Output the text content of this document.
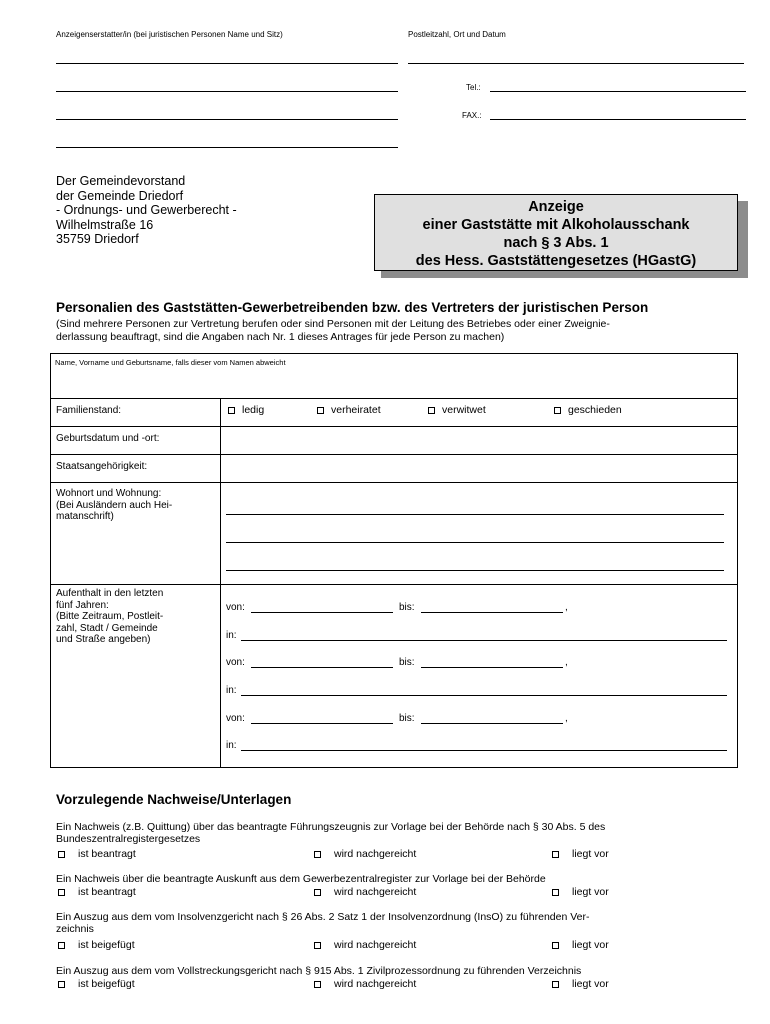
Anzeigenserstatter/in (bei juristischen Personen Name und Sitz)	Postleitzahl, Ort und Datum
Tel.:
FAX.:
Der Gemeindevorstand
der Gemeinde Driedorf
- Ordnungs- und Gewerberecht -
Wilhelmstraße 16
35759 Driedorf
Anzeige
einer Gaststätte mit Alkoholausschank
nach § 3 Abs. 1
des Hess. Gaststättengesetzes (HGastG)
Personalien des Gaststätten-Gewerbetreibenden bzw. des Vertreters der juristischen Person
(Sind mehrere Personen zur Vertretung berufen oder sind Personen mit der Leitung des Betriebes oder einer Zweignie-
derlassung beauftragt, sind die Angaben nach Nr. 1 dieses Antrages für jede Person zu machen)
Name, Vorname und Geburtsname, falls dieser vom Namen abweicht
Familienstand:	ledig	verheiratet	verwitwet	geschieden
Geburtsdatum und -ort:
Staatsangehörigkeit:
Wohnort und Wohnung:
(Bei Ausländern auch Hei-
matanschrift)
Aufenthalt in den letzten
fünf Jahren:
(Bitte Zeitraum, Postleit-
zahl, Stadt / Gemeinde
und Straße angeben)
von:	bis:	,
in:
von:	bis:	,
in:
von:	bis:	,
in:
Vorzulegende Nachweise/Unterlagen
Ein Nachweis (z.B. Quittung) über das beantragte Führungszeugnis zur Vorlage bei der Behörde nach § 30 Abs. 5 des
Bundeszentralregistergesetzes
ist beantragt	wird nachgereicht	liegt vor
Ein Nachweis über die beantragte Auskunft aus dem Gewerbezentralregister zur Vorlage bei der Behörde
ist beantragt	wird nachgereicht	liegt vor
Ein Auszug aus dem vom Insolvenzgericht nach § 26 Abs. 2 Satz 1 der Insolvenzordnung (InsO) zu führenden Ver-
zeichnis
ist beigefügt	wird nachgereicht	liegt vor
Ein Auszug aus dem vom Vollstreckungsgericht nach § 915 Abs. 1 Zivilprozessordnung zu führenden Verzeichnis
ist beigefügt	wird nachgereicht	liegt vor
